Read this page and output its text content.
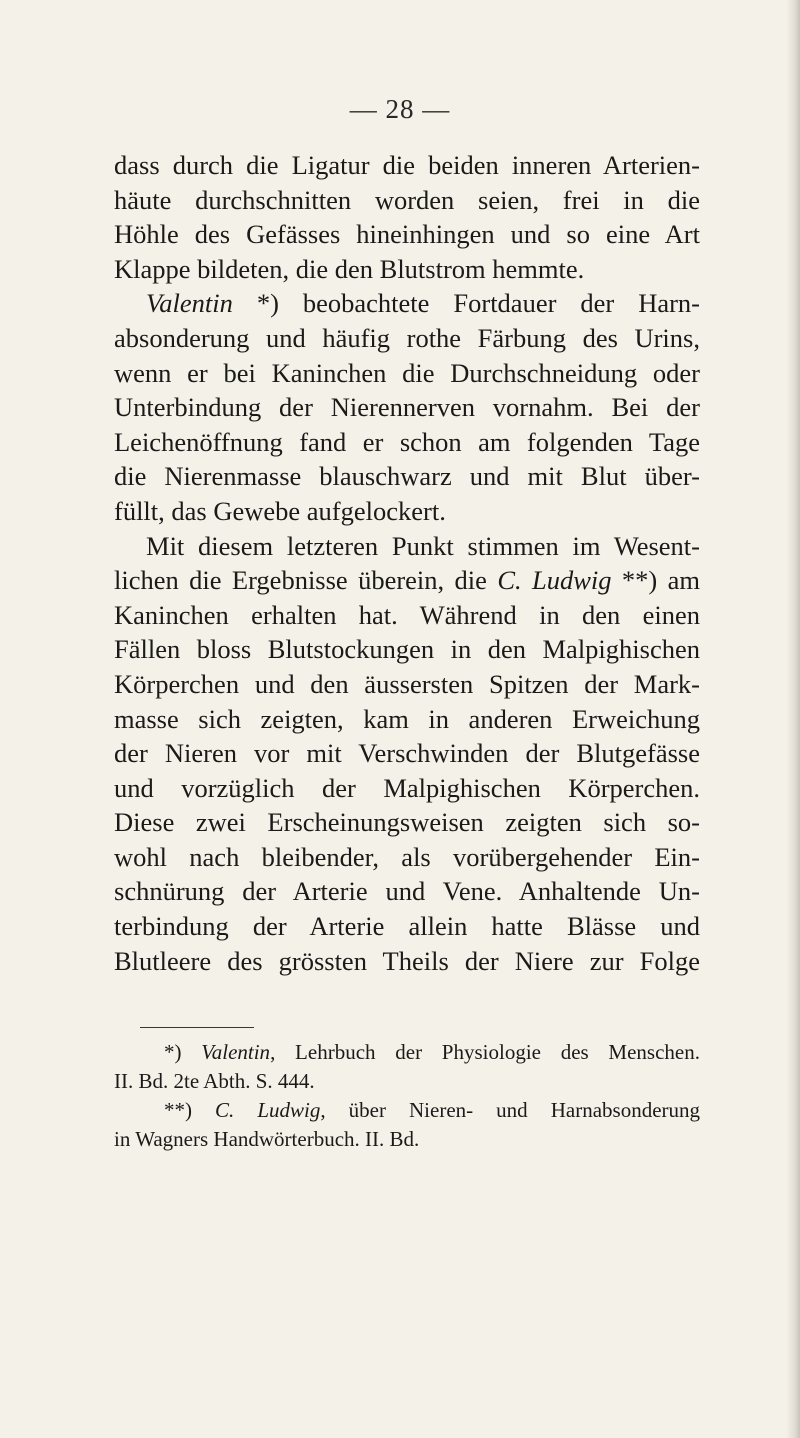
— 28 —
dass durch die Ligatur die beiden inneren Arterien-
häute durchschnitten worden seien, frei in die
Höhle des Gefässes hineinhingen und so eine Art
Klappe bildeten, die den Blutstrom hemmte.
Valentin *) beobachtete Fortdauer der Harn-
absonderung und häufig rothe Färbung des Urins,
wenn er bei Kaninchen die Durchschneidung oder
Unterbindung der Nierennerven vornahm. Bei der
Leichenöffnung fand er schon am folgenden Tage
die Nierenmasse blauschwarz und mit Blut über-
füllt, das Gewebe aufgelockert.
Mit diesem letzteren Punkt stimmen im Wesent-
lichen die Ergebnisse überein, die C. Ludwig **) am
Kaninchen erhalten hat. Während in den einen
Fällen bloss Blutstockungen in den Malpighischen
Körperchen und den äussersten Spitzen der Mark-
masse sich zeigten, kam in anderen Erweichung
der Nieren vor mit Verschwinden der Blutgefässe
und vorzüglich der Malpighischen Körperchen.
Diese zwei Erscheinungsweisen zeigten sich so-
wohl nach bleibender, als vorübergehender Ein-
schnürung der Arterie und Vene. Anhaltende Un-
terbindung der Arterie allein hatte Blässe und
Blutleere des grössten Theils der Niere zur Folge
*) Valentin, Lehrbuch der Physiologie des Menschen.
II. Bd. 2te Abth. S. 444.
**) C. Ludwig, über Nieren- und Harnabsonderung
in Wagners Handwörterbuch. II. Bd.
